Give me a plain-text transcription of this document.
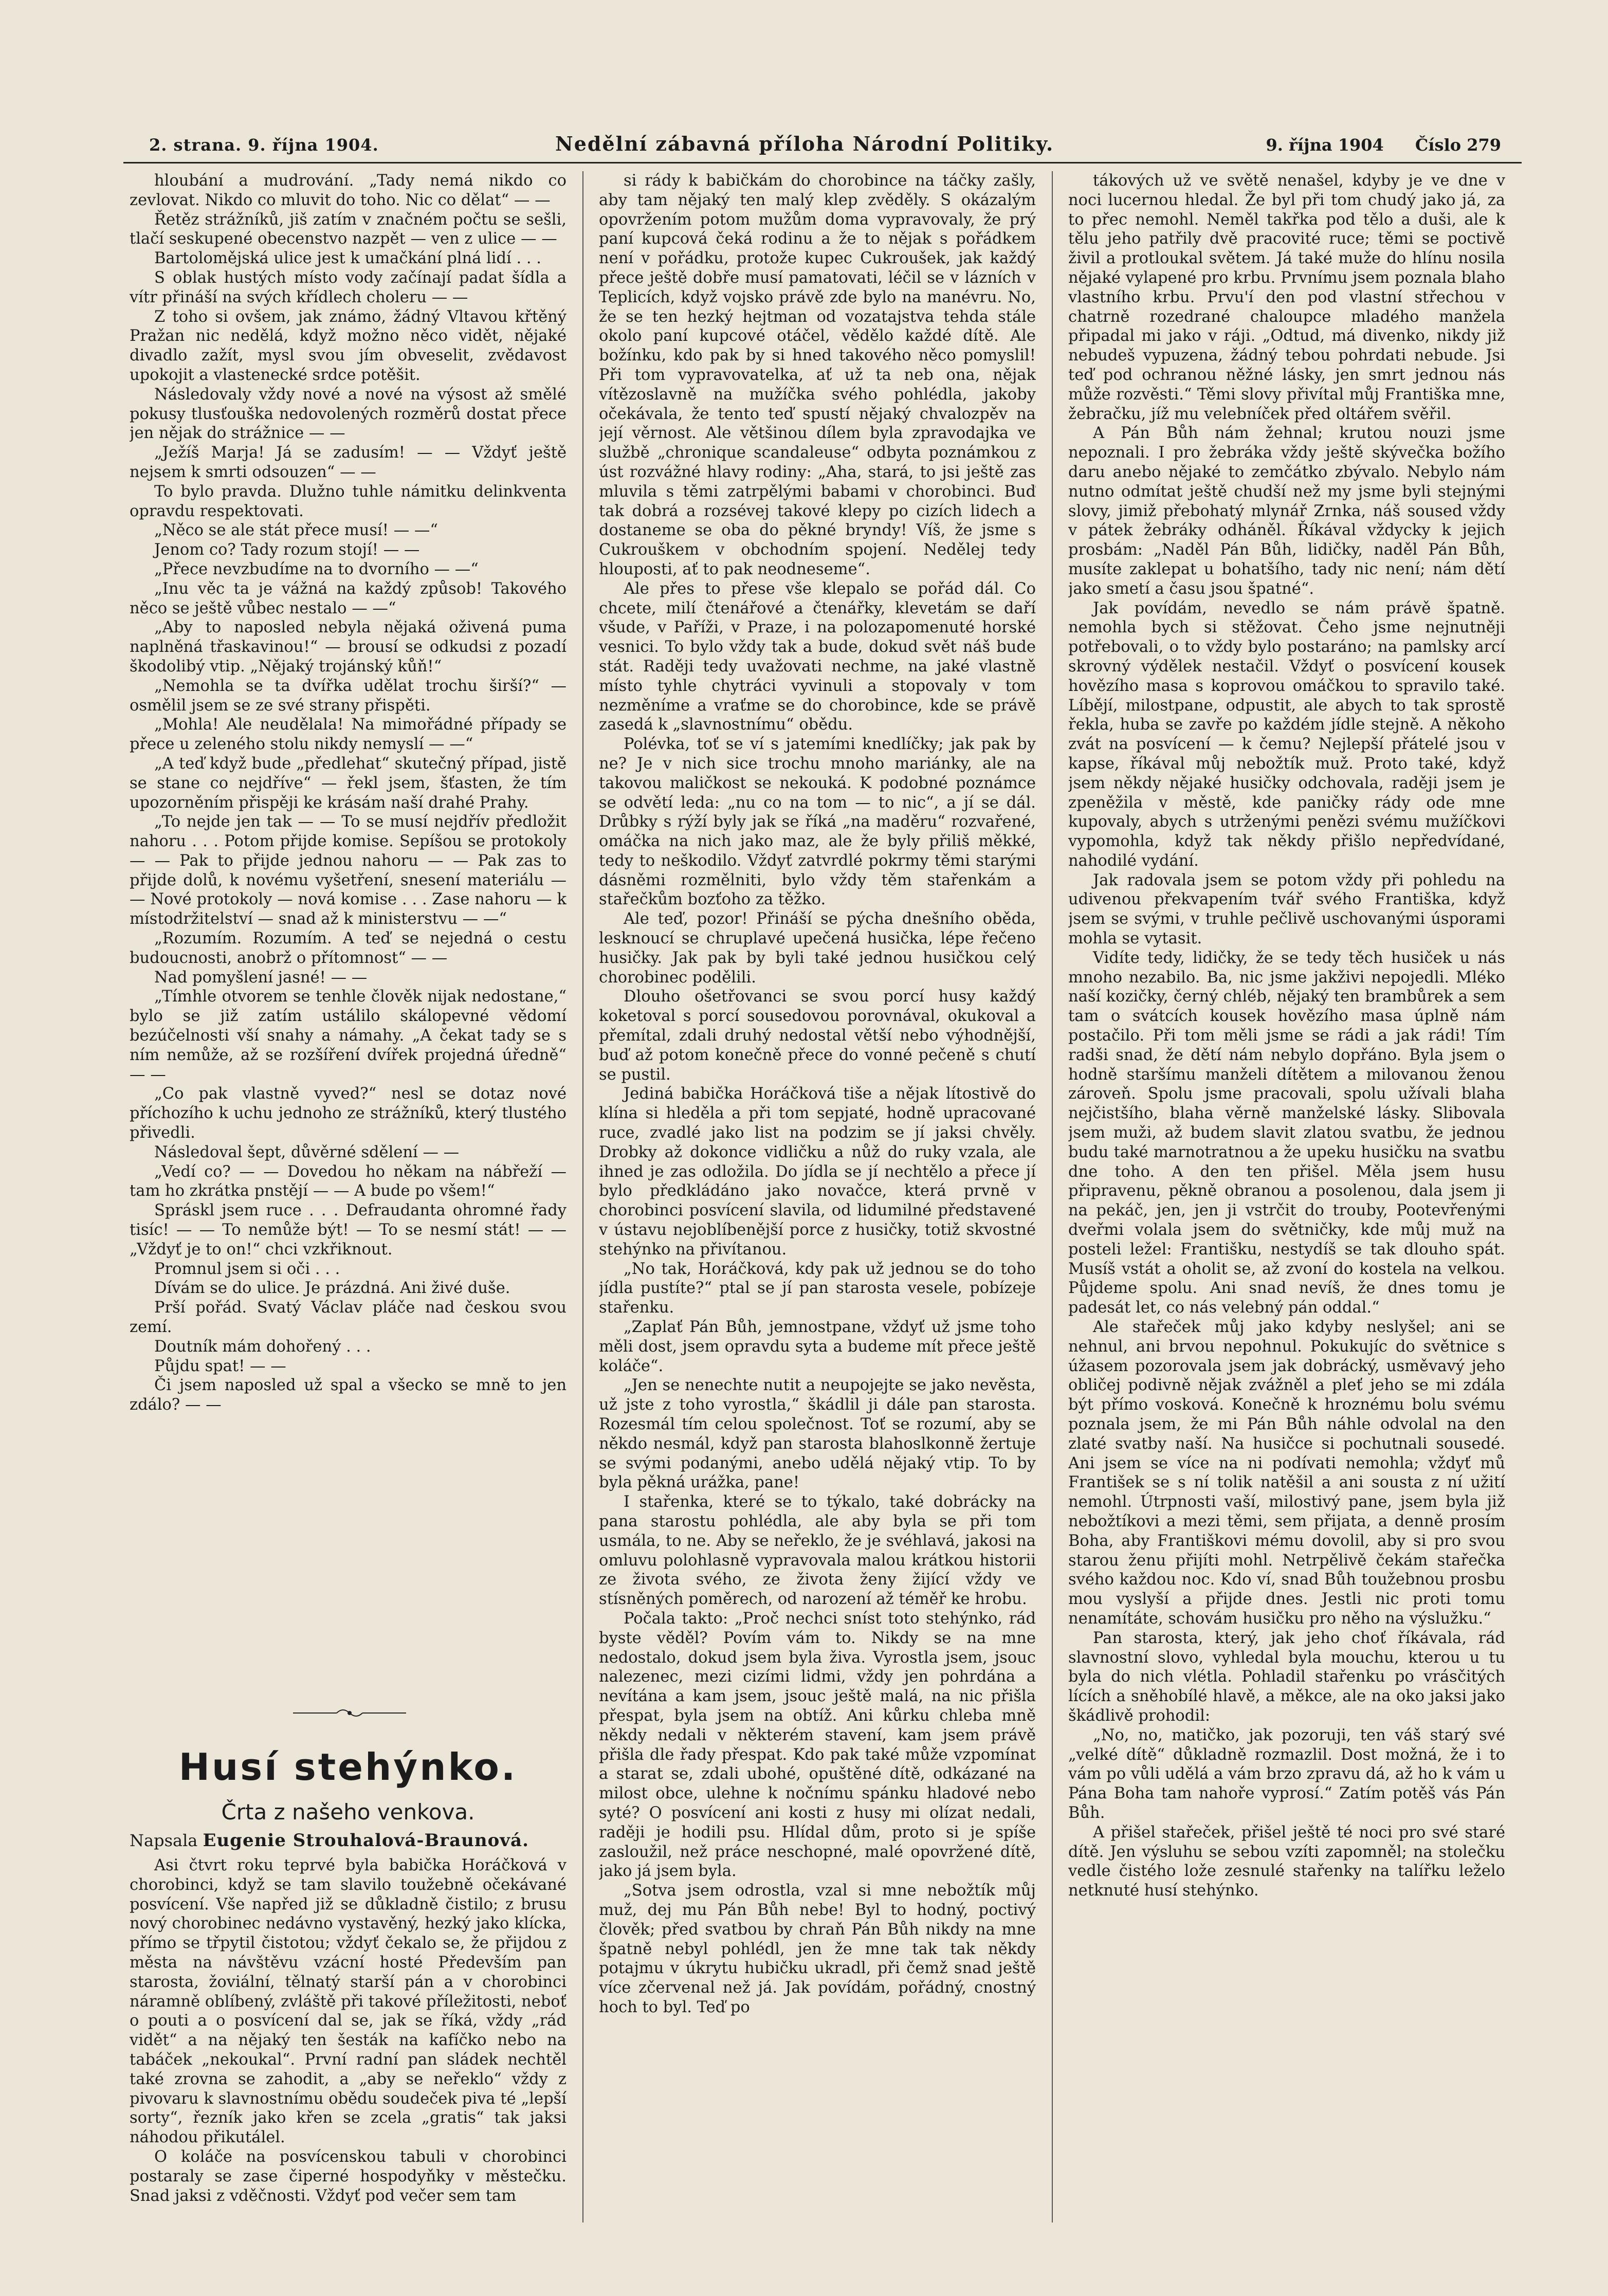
2. strana. 9. října 1904.	Nedělní zábavná příloha Národní Politiky.	9. října 1904 Číslo 279

hloubání a mudrování. „Tady nemá nikdo co zevlovat. Nikdo co mluvit do toho. Nic co dělat“ — —

Řetěz strážníků, jiš zatím v značném počtu se sešli, tlačí seskupené obecenstvo nazpět — ven z ulice — —

Bartolomějská ulice jest k umačkání plná lidí . . .

S oblak hustých místo vody začínají padat šídla a vítr přináší na svých křídlech choleru — —

Z toho si ovšem, jak známo, žádný Vltavou křtěný Pražan nic nedělá, když možno něco vidět, nějaké divadlo zažít, mysl svou jím obveselit, zvědavost upokojit a vlastenecké srdce potěšit.

Následovaly vždy nové a nové na výsost až smělé pokusy tlusťouška nedovolených rozměrů dostat přece jen nějak do strážnice — —

„Ježíš Marja! Já se zadusím! — — Vždyť ještě nejsem k smrti odsouzen“ — —

To bylo pravda. Dlužno tuhle námitku delinkventa opravdu respektovati.

„Něco se ale stát přece musí! — —“

Jenom co? Tady rozum stojí! — —

„Přece nevzbudíme na to dvorního — —“

„Inu věc ta je vážná na každý způsob! Takového něco se ještě vůbec nestalo — —“

„Aby to naposled nebyla nějaká oživená puma naplněná třaskavinou!“ — brousí se odkudsi z pozadí škodolibý vtip. „Nějaký trojánský kůň!“

„Nemohla se ta dvířka udělat trochu širší?“ — osmělil jsem se ze své strany přispěti.

„Mohla! Ale neudělala! Na mimořádné případy se přece u zeleného stolu nikdy nemyslí — —“

„A teď když bude „předlehat“ skutečný případ, jistě se stane co nejdříve“ — řekl jsem, šťasten, že tím upozorněním přispěji ke krásám naší drahé Prahy.

„To nejde jen tak — — To se musí nejdřív předložit nahoru . . . Potom přijde komise. Sepíšou se protokoly — — Pak to přijde jednou nahoru — — Pak zas to přijde dolů, k novému vyšetření, snesení materiálu — — Nové protokoly — nová komise . . . Zase nahoru — k místodržitelství — snad až k ministerstvu — —“

„Rozumím. Rozumím. A teď se nejedná o cestu budoucnosti, anobrž o přítomnost“ — —

Nad pomyšlení jasné! — —

„Tímhle otvorem se tenhle člověk nijak nedostane,“ bylo se již zatím ustálilo skálopevné vědomí bezúčelnosti vší snahy a námahy. „A čekat tady se s ním nemůže, až se rozšíření dvířek projedná úředně“ — —

„Co pak vlastně vyved?“ nesl se dotaz nové příchozího k uchu jednoho ze strážníků, který tlustého přivedli.

Následoval šept, důvěrné sdělení — —

„Vedí co? — — Dovedou ho někam na nábřeží — tam ho zkrátka pnstějí — — A bude po všem!“

Spráskl jsem ruce . . . Defraudanta ohromné řady tisíc! — — To nemůže být! — To se nesmí stát! — — „Vždyť je to on!“ chci vzkřiknout.

Promnul jsem si oči . . .

Dívám se do ulice. Je prázdná. Ani živé duše.

Prší pořád. Svatý Václav pláče nad českou svou zemí.

Doutník mám dohořený . . .

Půjdu spat! — —

Či jsem naposled už spal a všecko se mně to jen zdálo? — —

Husí stehýnko.
Črta z našeho venkova.
Napsala Eugenie Strouhalová-Braunová.

Asi čtvrt roku teprvé byla babička Horáčková v chorobinci, když se tam slavilo toužebně očekávané posvícení. Vše napřed již se důkladně čistilo; z brusu nový chorobinec nedávno vystavěný, hezký jako klícka, přímo se třpytil čistotou; vždyť čekalo se, že přijdou z města na návštěvu vzácní hosté Především pan starosta, žoviální, tělnatý starší pán a v chorobinci náramně oblíbený, zvláště při takové příležitosti, neboť o pouti a o posvícení dal se, jak se říká, vždy „rád vidět“ a na nějaký ten šesták na kafíčko nebo na tabáček „nekoukal“. První radní pan sládek nechtěl také zrovna se zahodit, a „aby se neřeklo“ vždy z pivovaru k slavnostnímu obědu soudeček piva té „lepší sorty“, řezník jako křen se zcela „gratis“ tak jaksi náhodou přikutálel.

O koláče na posvícenskou tabuli v chorobinci postaraly se zase čiperné hospodyňky v městečku. Snad jaksi z vděčnosti. Vždyť pod večer sem tam

si rády k babičkám do chorobince na táčky zašly, aby tam nějaký ten malý klep zvěděly. S okázalým opovržením potom mužům doma vypravovaly, že prý paní kupcová čeká rodinu a že to nějak s pořádkem není v pořádku, protože kupec Cukroušek, jak každý přece ještě dobře musí pamatovati, léčil se v lázních v Teplicích, když vojsko právě zde bylo na manévru. No, že se ten hezký hejtman od vozatajstva tehda stále okolo paní kupcové otáčel, vědělo každé dítě. Ale božínku, kdo pak by si hned takového něco pomyslil! Při tom vypravovatelka, ať už ta neb ona, nějak vítězoslavně na mužíčka svého pohlédla, jakoby očekávala, že tento teď spustí nějaký chvalozpěv na její věrnost. Ale většinou dílem byla zpravodajka ve službě „chronique scandaleuse“ odbyta poznámkou z úst rozvážné hlavy rodiny: „Aha, stará, to jsi ještě zas mluvila s těmi zatrpělými babami v chorobinci. Buď tak dobrá a rozsévej takové klepy po cizích lidech a dostaneme se oba do pěkné bryndy! Víš, že jsme s Cukrouškem v obchodním spojení. Nedělej tedy hlouposti, ať to pak neodneseme“.

Ale přes to přese vše klepalo se pořád dál. Co chcete, milí čtenářové a čtenářky, klevetám se daří všude, v Paříži, v Praze, i na polozapomenuté horské vesnici. To bylo vždy tak a bude, dokud svět náš bude stát. Raději tedy uvažovati nechme, na jaké vlastně místo tyhle chytráci vyvinuli a stopovaly v tom nezměníme a vraťme se do chorobince, kde se právě zasedá k „slavnostnímu“ obědu.

Polévka, toť se ví s jatemími knedlíčky; jak pak by ne? Je v nich sice trochu mnoho mariánky, ale na takovou maličkost se nekouká. K podobné poznámce se odvětí leda: „nu co na tom — to nic“, a jí se dál. Drůbky s rýží byly jak se říká „na maděru“ rozvařené, omáčka na nich jako maz, ale že byly přiliš měkké, tedy to neškodilo. Vždyť zatvrdlé pokrmy těmi starými dásněmi rozmělniti, bylo vždy těm stařenkám a stařečkům bozťoho za těžko.

Ale teď, pozor! Přináší se pýcha dnešního oběda, lesknoucí se chruplavé upečená husička, lépe řečeno husičky. Jak pak by byli také jednou husičkou celý chorobinec podělili.

Dlouho ošetřovanci se svou porcí husy každý koketoval s porcí sousedovou porovnával, okukoval a přemítal, zdali druhý nedostal větší nebo výhodnější, buď až potom konečně přece do vonné pečeně s chutí se pustil.

Jediná babička Horáčková tiše a nějak lítostivě do klína si hleděla a při tom sepjaté, hodně upracované ruce, zvadlé jako list na podzim se jí jaksi chvěly. Drobky až dokonce vidličku a nůž do ruky vzala, ale ihned je zas odložila. Do jídla se jí nechtělo a přece jí bylo předkládáno jako novačce, která prvně v chorobinci posvícení slavila, od lidumilné představené v ústavu nejoblíbenější porce z husičky, totiž skvostné stehýnko na přivítanou.

„No tak, Horáčková, kdy pak už jednou se do toho jídla pustíte?“ ptal se jí pan starosta vesele, pobízeje stařenku.

„Zaplať Pán Bůh, jemnostpane, vždyť už jsme toho měli dost, jsem opravdu syta a budeme mít přece ještě koláče“.

„Jen se nenechte nutit a neupojejte se jako nevěsta, už jste z toho vyrostla,“ škádlil ji dále pan starosta. Rozesmál tím celou společnost. Toť se rozumí, aby se někdo nesmál, když pan starosta blahoslkonně žertuje se svými podanými, anebo udělá nějaký vtip. To by byla pěkná urážka, pane!

I stařenka, které se to týkalo, také dobrácky na pana starostu pohlédla, ale aby byla se při tom usmála, to ne. Aby se neřeklo, že je svéhlavá, jakosi na omluvu polohlasně vypravovala malou krátkou historii ze života svého, ze života ženy žijící vždy ve stísněných poměrech, od narození až téměř ke hrobu.

Počala takto: „Proč nechci sníst toto stehýnko, rád byste věděl? Povím vám to. Nikdy se na mne nedostalo, dokud jsem byla živa. Vyrostla jsem, jsouc nalezenec, mezi cizími lidmi, vždy jen pohrdána a nevítána a kam jsem, jsouc ještě malá, na nic přišla přespat, byla jsem na obtíž. Ani kůrku chleba mně někdy nedali v některém stavení, kam jsem právě přišla dle řady přespat. Kdo pak také může vzpomínat a starat se, zdali ubohé, opuštěné dítě, odkázané na milost obce, ulehne k nočnímu spánku hladové nebo syté? O posvícení ani kosti z husy mi olízat nedali, raději je hodili psu. Hlídal dům, proto si je spíše zasloužil, než práce neschopné, malé opovržené dítě, jako já jsem byla.

„Sotva jsem odrostla, vzal si mne nebožtík můj muž, dej mu Pán Bůh nebe! Byl to hodný, poctivý člověk; před svatbou by chraň Pán Bůh nikdy na mne špatně nebyl pohlédl, jen že mne tak tak někdy potajmu v úkrytu hubičku ukradl, při čemž snad ještě více zčervenal než já. Jak povídám, pořádný, cnostný hoch to byl. Teď po

tákových už ve světě nenašel, kdyby je ve dne v noci lucernou hledal. Že byl při tom chudý jako já, za to přec nemohl. Neměl takřka pod tělo a duši, ale k tělu jeho patřily dvě pracovité ruce; těmi se poctivě živil a protloukal světem. Já také muže do hlínu nosila nějaké vylapené pro krbu. Prvnímu jsem poznala blaho vlastního krbu. Prvu'í den pod vlastní střechou v chatrně rozedrané chaloupce mladého manžela připadal mi jako v ráji. „Odtud, má divenko, nikdy již nebudeš vypuzena, žádný tebou pohrdati nebude. Jsi teď pod ochranou něžné lásky, jen smrt jednou nás může rozvěsti.“ Těmi slovy přivítal můj Františka mne, žebračku, jíž mu velebníček před oltářem svěřil.

A Pán Bůh nám žehnal; krutou nouzi jsme nepoznali. I pro žebráka vždy ještě skývečka božího daru anebo nějaké to zemčátko zbývalo. Nebylo nám nutno odmítat ještě chudší než my jsme byli stejnými slovy, jimiž přebohatý mlynář Zrnka, náš soused vždy v pátek žebráky odháněl. Říkával vždycky k jejich prosbám: „Naděl Pán Bůh, lidičky, naděl Pán Bůh, musíte zaklepat u bohatšího, tady nic není; nám dětí jako smetí a času jsou špatné“.

Jak povídám, nevedlo se nám právě špatně. nemohla bych si stěžovat. Čeho jsme nejnutněji potřebovali, o to vždy bylo postaráno; na pamlsky arcí skrovný výdělek nestačil. Vždyť o posvícení kousek hovězího masa s koprovou omáčkou to spravilo také. Líbějí, milostpane, odpustit, ale abych to tak sprostě řekla, huba se zavře po každém jídle stejně. A někoho zvát na posvícení — k čemu? Nejlepší přátelé jsou v kapse, říkával můj nebožtík muž. Proto také, když jsem někdy nějaké husičky odchovala, raději jsem je zpeněžila v městě, kde paničky rády ode mne kupovaly, abych s utrženými penězi svému mužíčkovi vypomohla, když tak někdy přišlo nepředvídané, nahodilé vydání.

Jak radovala jsem se potom vždy při pohledu na udivenou překvapením tvář svého Františka, když jsem se svými, v truhle pečlivě uschovanými úsporami mohla se vytasit.

Vidíte tedy, lidičky, že se tedy těch husiček u nás mnoho nezabilo. Ba, nic jsme jakživi nepojedli. Mléko naší kozičky, černý chléb, nějaký ten brambůrek a sem tam o svátcích kousek hovězího masa úplně nám postačilo. Při tom měli jsme se rádi a jak rádi! Tím radši snad, že dětí nám nebylo dopřáno. Byla jsem o hodně staršímu manželi dítětem a milovanou ženou zároveň. Spolu jsme pracovali, spolu užívali blaha nejčistšího, blaha věrně manželské lásky. Slibovala jsem muži, až budem slavit zlatou svatbu, že jednou budu také marnotratnou a že upeku husičku na svatbu dne toho. A den ten přišel. Měla jsem husu připravenu, pěkně obranou a posolenou, dala jsem ji na pekáč, jen, jen ji vstrčit do trouby, Pootevřenými dveřmi volala jsem do světničky, kde můj muž na posteli ležel: Františku, nestydíš se tak dlouho spát. Musíš vstát a oholit se, až zvoní do kostela na velkou. Půjdeme spolu. Ani snad nevíš, že dnes tomu je padesát let, co nás velebný pán oddal.“

Ale stařeček můj jako kdyby neslyšel; ani se nehnul, ani brvou nepohnul. Pokukujíc do světnice s úžasem pozorovala jsem jak dobrácký, usměvavý jeho obličej podivně nějak zvážněl a pleť jeho se mi zdála být přímo vosková. Konečně k hroznému bolu svému poznala jsem, že mi Pán Bůh náhle odvolal na den zlaté svatby naší. Na husičce si pochutnali sousedé. Ani jsem se více na ni podívati nemohla; vždyť mů František se s ní tolik natěšil a ani sousta z ní užití nemohl. Útrpnosti vaší, milostivý pane, jsem byla již nebožtíkovi a mezi těmi, sem přijata, a denně prosím Boha, aby Františkovi mému dovolil, aby si pro svou starou ženu přijíti mohl. Netrpělivě čekám stařečka svého každou noc. Kdo ví, snad Bůh toužebnou prosbu mou vyslyší a přijde dnes. Jestli nic proti tomu nenamítáte, schovám husičku pro něho na výslužku.“

Pan starosta, který, jak jeho choť říkávala, rád slavnostní slovo, vyhledal byla mouchu, kterou u tu byla do nich vlétla. Pohladil stařenku po vrásčitých lících a sněhobílé hlavě, a měkce, ale na oko jaksi jako škádlivě prohodil:

„No, no, matičko, jak pozoruji, ten váš starý své „velké dítě“ důkladně rozmazlil. Dost možná, že i to vám po vůli udělá a vám brzo zpravu dá, až ho k vám u Pána Boha tam nahoře vyprosí.“ Zatím potěš vás Pán Bůh.

A přišel stařeček, přišel ještě té noci pro své staré dítě. Jen výsluhu se sebou vzíti zapomněl; na stolečku vedle čistého lože zesnulé stařenky na talířku leželo netknuté husí stehýnko.
